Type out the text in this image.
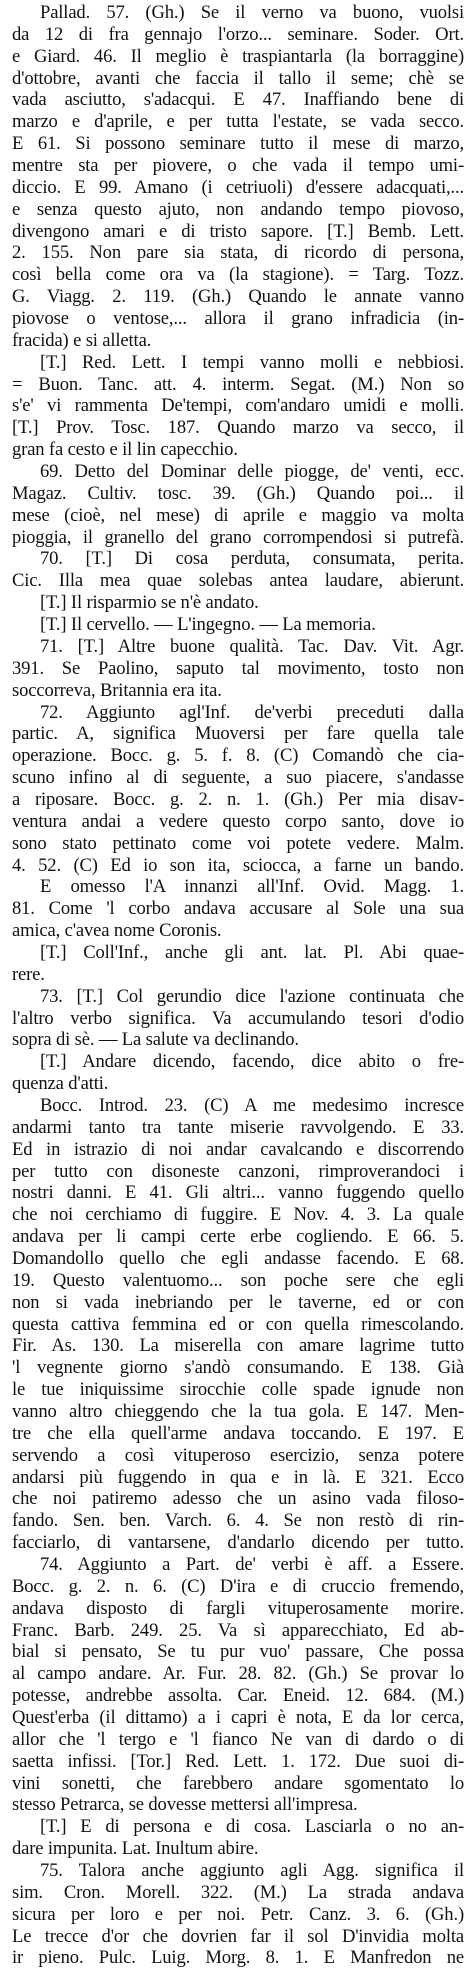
Pallad. 57. (Gh.) Se il verno va buono, vuolsi
da 12 di fra gennajo l'orzo... seminare. Soder. Ort.
e Giard. 46. Il meglio è traspiantarla (la borraggine)
d'ottobre, avanti che faccia il tallo il seme; chè se
vada asciutto, s'adacqui. E 47. Inaffiando bene di
marzo e d'aprile, e per tutta l'estate, se vada secco.
E 61. Si possono seminare tutto il mese di marzo,
mentre sta per piovere, o che vada il tempo umi-
diccio. E 99. Amano (i cetriuoli) d'essere adacquati,...
e senza questo ajuto, non andando tempo piovoso,
divengono amari e di tristo sapore. [T.] Bemb. Lett.
2. 155. Non pare sia stata, di ricordo di persona,
così bella come ora va (la stagione). = Targ. Tozz.
G. Viagg. 2. 119. (Gh.) Quando le annate vanno
piovose o ventose,... allora il grano infradicia (in-
fracida) e si alletta.
[T.] Red. Lett. I tempi vanno molli e nebbiosi.
= Buon. Tanc. att. 4. interm. Segat. (M.) Non so
s'e' vi rammenta De'tempi, com'andaro umidi e molli.
[T.] Prov. Tosc. 187. Quando marzo va secco, il
gran fa cesto e il lin capecchio.
69. Detto del Dominar delle piogge, de' venti, ecc.
Magaz. Cultiv. tosc. 39. (Gh.) Quando poi... il
mese (cioè, nel mese) di aprile e maggio va molta
pioggia, il granello del grano corrompendosi si putrefà.
70. [T.] Di cosa perduta, consumata, perita.
Cic. Illa mea quae solebas antea laudare, abierunt.
[T.] Il risparmio se n'è andato.
[T.] Il cervello. — L'ingegno. — La memoria.
71. [T.] Altre buone qualità. Tac. Dav. Vit. Agr.
391. Se Paolino, saputo tal movimento, tosto non
soccorreva, Britannia era ita.
72. Aggiunto agl'Inf. de'verbi preceduti dalla
partic. A, significa Muoversi per fare quella tale
operazione. Bocc. g. 5. f. 8. (C) Comandò che cia-
scuno infino al di seguente, a suo piacere, s'andasse
a riposare. Bocc. g. 2. n. 1. (Gh.) Per mia disav-
ventura andai a vedere questo corpo santo, dove io
sono stato pettinato come voi potete vedere. Malm.
4. 52. (C) Ed io son ita, sciocca, a farne un bando.
E omesso l'A innanzi all'Inf. Ovid. Magg. 1.
81. Come 'l corbo andava accusare al Sole una sua
amica, c'avea nome Coronis.
[T.] Coll'Inf., anche gli ant. lat. Pl. Abi quae-
rere.
73. [T.] Col gerundio dice l'azione continuata che
l'altro verbo significa. Va accumulando tesori d'odio
sopra di sè. — La salute va declinando.
[T.] Andare dicendo, facendo, dice abito o fre-
quenza d'atti.
Bocc. Introd. 23. (C) A me medesimo incresce
andarmi tanto tra tante miserie ravvolgendo. E 33.
Ed in istrazio di noi andar cavalcando e discorrendo
per tutto con disoneste canzoni, rimproverandoci i
nostri danni. E 41. Gli altri... vanno fuggendo quello
che noi cerchiamo di fuggire. E Nov. 4. 3. La quale
andava per li campi certe erbe cogliendo. E 66. 5.
Domandollo quello che egli andasse facendo. E 68.
19. Questo valentuomo... son poche sere che egli
non si vada inebriando per le taverne, ed or con
questa cattiva femmina ed or con quella rimescolando.
Fir. As. 130. La miserella con amare lagrime tutto
'l vegnente giorno s'andò consumando. E 138. Già
le tue iniquissime sirocchie colle spade ignude non
vanno altro chieggendo che la tua gola. E 147. Men-
tre che ella quell'arme andava toccando. E 197. E
servendo a così vituperoso esercizio, senza potere
andarsi più fuggendo in qua e in là. E 321. Ecco
che noi patiremo adesso che un asino vada filoso-
fando. Sen. ben. Varch. 6. 4. Se non restò di rin-
facciarlo, di vantarsene, d'andarlo dicendo per tutto.
74. Aggiunto a Part. de' verbi è aff. a Essere.
Bocc. g. 2. n. 6. (C) D'ira e di cruccio fremendo,
andava disposto di fargli vituperosamente morire.
Franc. Barb. 249. 25. Va sì apparecchiato, Ed ab-
bial si pensato, Se tu pur vuo' passare, Che possa
al campo andare. Ar. Fur. 28. 82. (Gh.) Se provar lo
potesse, andrebbe assolta. Car. Eneid. 12. 684. (M.)
Quest'erba (il dittamo) a i capri è nota, E da lor cerca,
allor che 'l tergo e 'l fianco Ne van di dardo o di
saetta infissi. [Tor.] Red. Lett. 1. 172. Due suoi di-
vini sonetti, che farebbero andare sgomentato lo
stesso Petrarca, se dovesse mettersi all'impresa.
[T.] E di persona e di cosa. Lasciarla o no an-
dare impunita. Lat. Inultum abire.
75. Talora anche aggiunto agli Agg. significa il
sim. Cron. Morell. 322. (M.) La strada andava
sicura per loro e per noi. Petr. Canz. 3. 6. (Gh.)
Le trecce d'or che dovrien far il sol D'invidia molta
ir pieno. Pulc. Luig. Morg. 8. 1. E Manfredon ne
